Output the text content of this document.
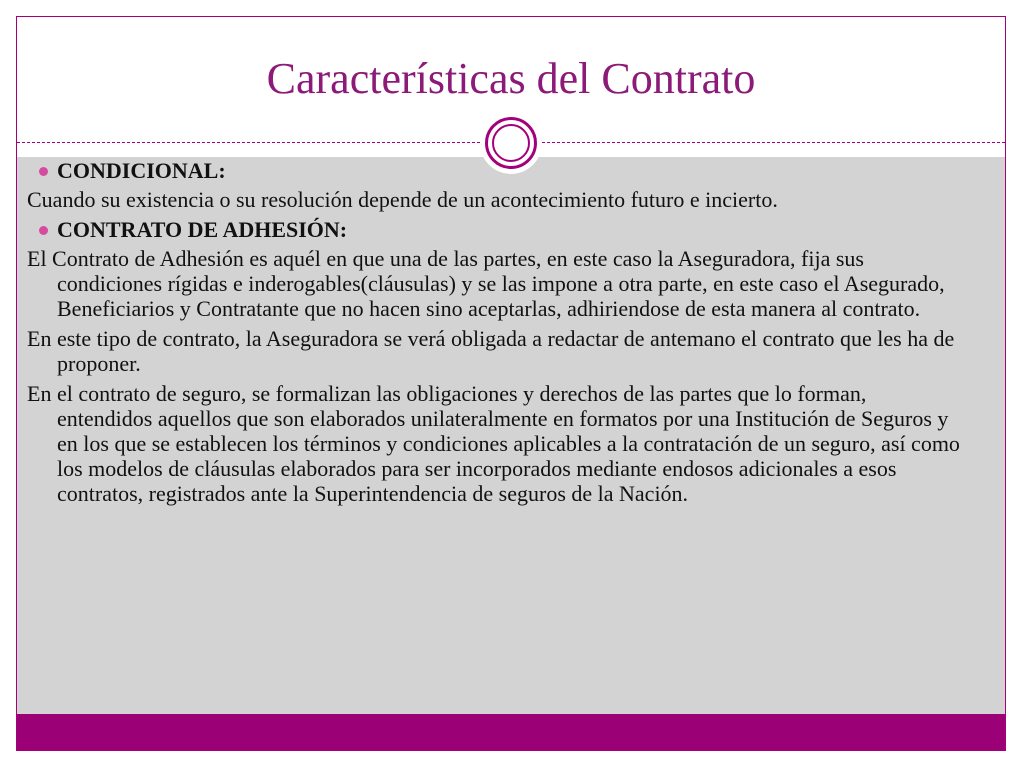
Características del Contrato
CONDICIONAL:
Cuando su existencia o su resolución depende de un acontecimiento futuro e incierto.
CONTRATO DE ADHESIÓN:
El Contrato de Adhesión es aquél en que una de las partes, en este caso la Aseguradora, fija sus condiciones rígidas e inderogables(cláusulas) y se las impone a otra parte, en este caso el Asegurado, Beneficiarios y Contratante que no hacen sino aceptarlas, adhiriendose de esta manera al contrato.
En este tipo de contrato, la Aseguradora se verá obligada a redactar de antemano el contrato que les ha de proponer.
En el contrato de seguro, se formalizan las obligaciones y derechos de las partes que lo forman, entendidos aquellos que son elaborados unilateralmente en formatos por una Institución de Seguros y en los que se establecen los términos y condiciones aplicables a la contratación de un seguro, así como los modelos de cláusulas elaborados para ser incorporados mediante endosos adicionales a esos contratos, registrados ante la Superintendencia de seguros de la Nación.
